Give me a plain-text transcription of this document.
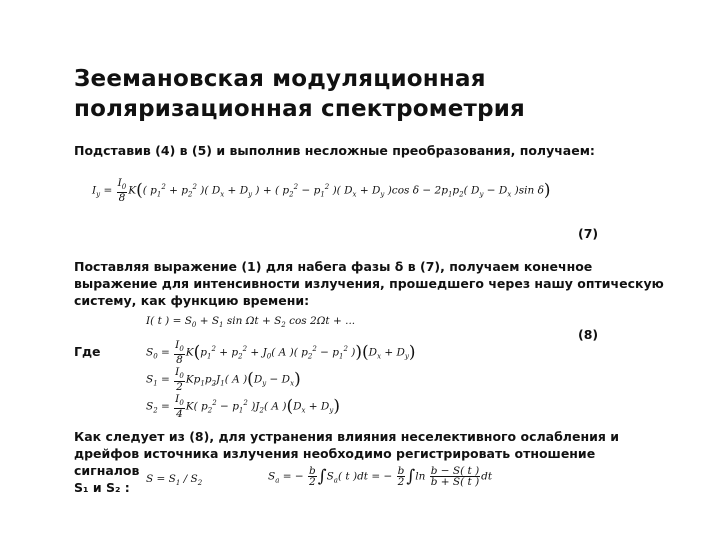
Зеемановская модуляционная
поляризационная спектрометрия
Подставив (4) в (5) и выполнив несложные преобразования, получаем:
$I_y = \frac{I_0}{8} K$(( $p_1^2 + p_2^2$ )( $D_x + D_y$ ) + ( $p_2^2 - p_1^2$ )( $D_x + D_y$ )cos $\delta - 2p_1p_2$( $D_y - D_x$ )sin δ)
(7)
Поставляя выражение (1) для набега фазы δ в (7), получаем конечное выражение для интенсивности излучения, прошедшего через нашу оптическую систему, как функцию времени:
I( t ) = $S_0 + S_1$ $\sin \Omega t + S_2$ cos 2Ωt + ...
(8)
Где	$S_0 = \frac{I_0}{8} K(p_1^2 + p_2^2 + J_0$( A )( $p_2^2 - p_1^2$ ))$(D_x + D_y)$
$S_1 = \frac{I_0}{2} Kp_1p_2J_1$( A )$(D_y - D_x)$
$S_2 = \frac{I_0}{4} K$( $p_2^2 - p_1^2$ )$J_2$( A )$(D_x + D_y)$
Как следует из (8), для устранения влияния неселективного ослабления и
дрейфов источника излучения необходимо регистрировать отношение сигналов
S₁ и S₂ :
$S = S_1 / S_2$
$S_a$ = − $\frac{b}{2} \int S_a$( t )dt = − $\frac{b}{2} \int\ln \frac{b - S( t )}{b + S( t )}$ dt
